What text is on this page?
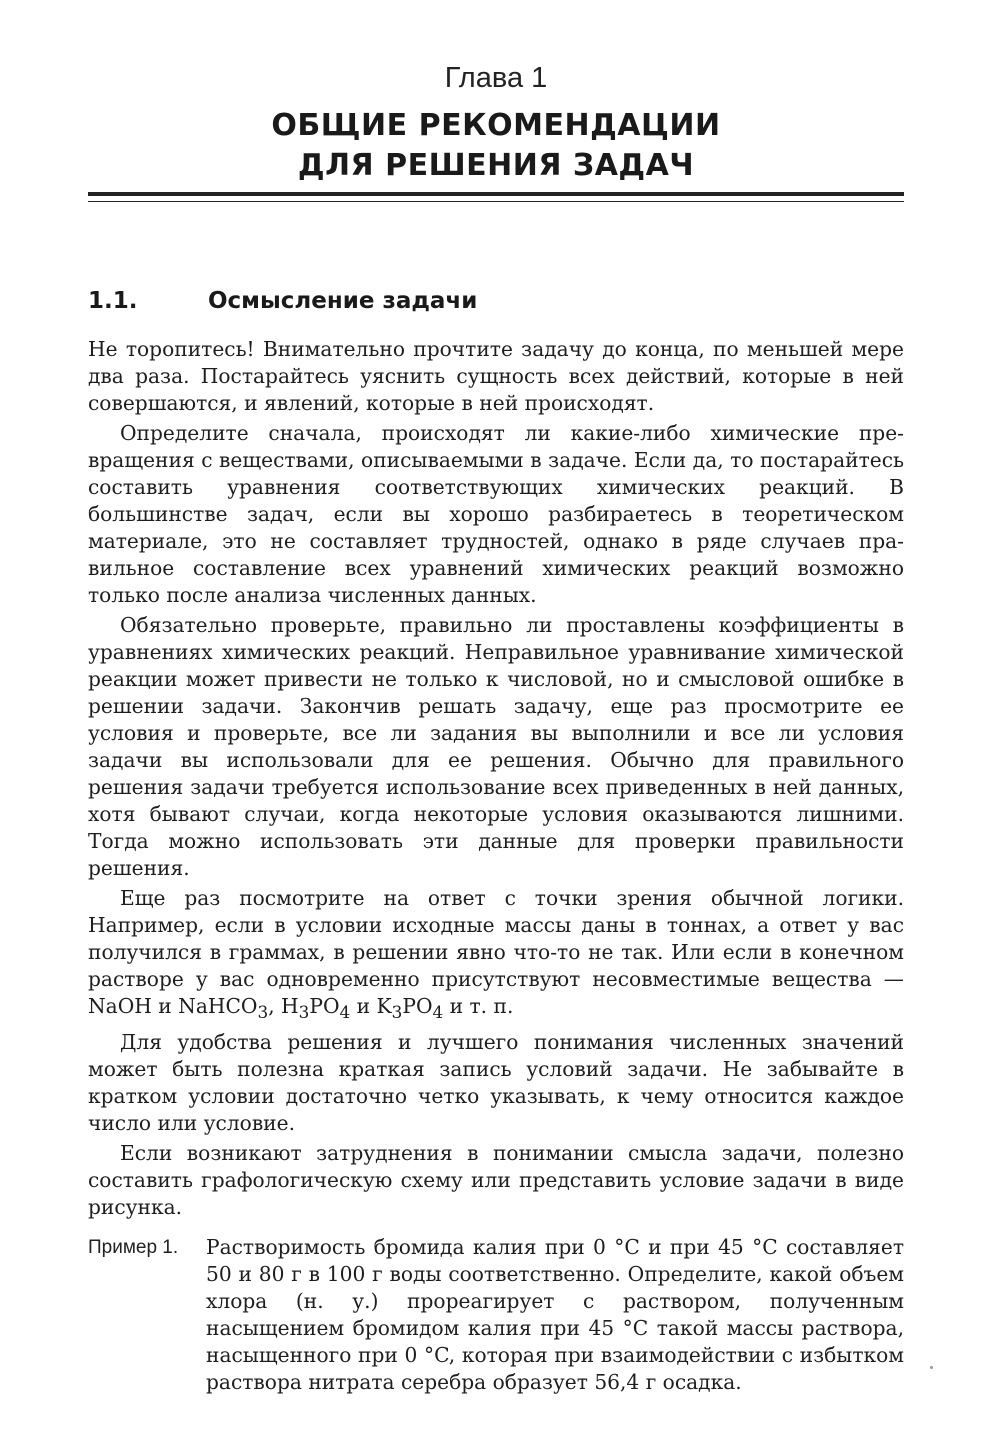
Глава 1
ОБЩИЕ РЕКОМЕНДАЦИИ
ДЛЯ РЕШЕНИЯ ЗАДАЧ
1.1.	Осмысление задачи

Не торопитесь! Внимательно прочтите задачу до конца, по меньшей мере два раза. Постарайтесь уяснить сущность всех действий, которые в ней совершаются, и явлений, которые в ней происходят.

Определите сначала, происходят ли какие-либо химические превращения с веществами, описываемыми в задаче. Если да, то постарайтесь составить уравнения соответствующих химических реакций. В большинстве задач, если вы хорошо разбираетесь в теоретическом материале, это не составляет трудностей, однако в ряде случаев правильное составление всех уравнений химических реакций возможно только после анализа численных данных.

Обязательно проверьте, правильно ли проставлены коэффициенты в уравнениях химических реакций. Неправильное уравнивание химической реакции может привести не только к числовой, но и смысловой ошибке в решении задачи. Закончив решать задачу, еще раз просмотрите ее условия и проверьте, все ли задания вы выполнили и все ли условия задачи вы использовали для ее решения. Обычно для правильного решения задачи требуется использование всех приведенных в ней данных, хотя бывают случаи, когда некоторые условия оказываются лишними. Тогда можно использовать эти данные для проверки правильности решения.

Еще раз посмотрите на ответ с точки зрения обычной логики. Например, если в условии исходные массы даны в тоннах, а ответ у вас получился в граммах, в решении явно что-то не так. Или если в конечном растворе у вас одновременно присутствуют несовместимые вещества — NaOH и NaHCO$_3$, $H_3PO_4$ и $K_3PO_4$ и т. п.

Для удобства решения и лучшего понимания численных значений может быть полезна краткая запись условий задачи. Не забывайте в кратком условии достаточно четко указывать, к чему относится каждое число или условие.

Если возникают затруднения в понимании смысла задачи, полезно составить графологическую схему или представить условие задачи в виде рисунка.

Пример 1.	Растворимость бромида калия при 0 °C и при 45 °C составляет 50 и 80 г в 100 г воды соответственно. Определите, какой объем хлора (н. у.) прореагирует с раствором, полученным насыщением бромидом калия при 45 °C такой массы раствора, насыщенного при 0 °C, которая при взаимодействии с избытком раствора нитрата серебра образует 56,4 г осадка.
